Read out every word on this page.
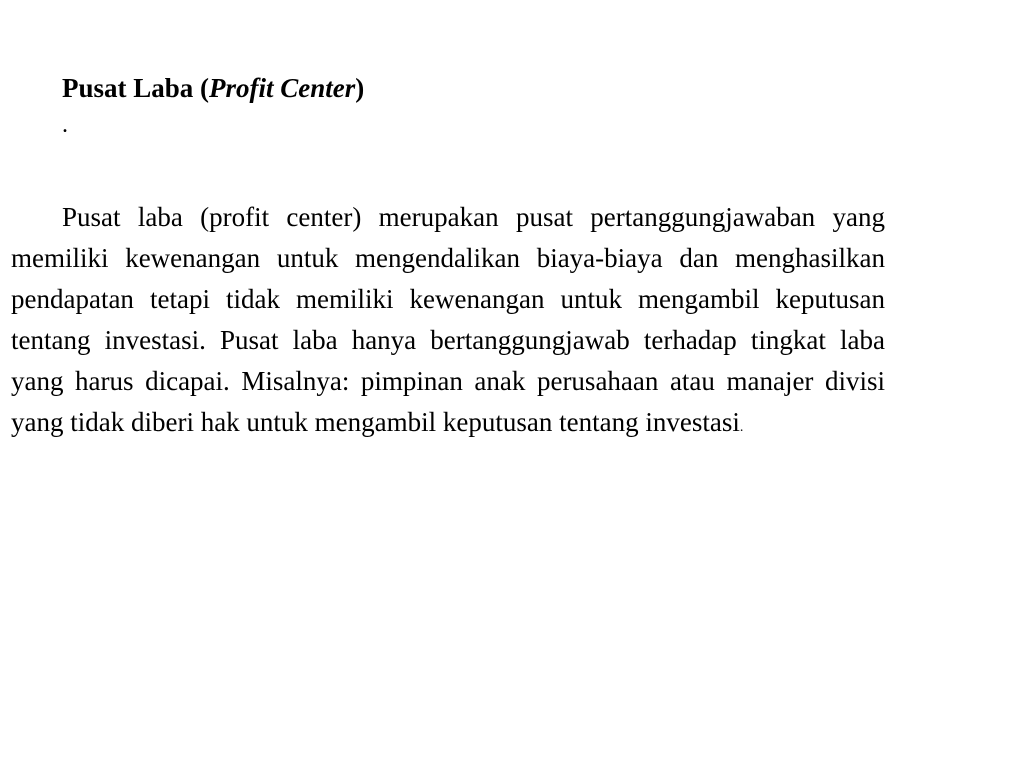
Pusat Laba (Profit Center)
.

Pusat laba (profit center) merupakan pusat pertanggungjawaban yang memiliki kewenangan untuk mengendalikan biaya-biaya dan menghasilkan pendapatan tetapi tidak memiliki kewenangan untuk mengambil keputusan tentang investasi. Pusat laba hanya bertanggungjawab terhadap tingkat laba yang harus dicapai. Misalnya: pimpinan anak perusahaan atau manajer divisi yang tidak diberi hak untuk mengambil keputusan tentang investasi.
